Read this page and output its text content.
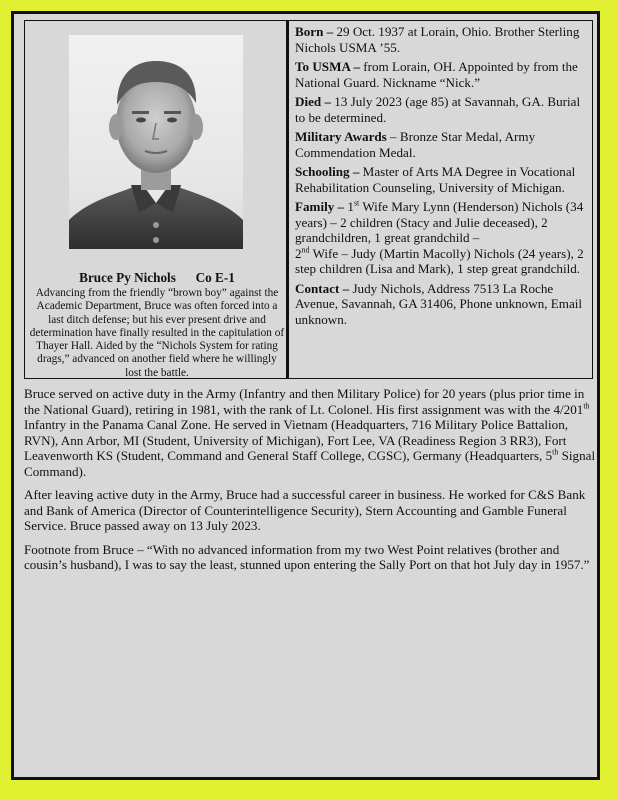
Bruce Py Nichols Co E-1
Advancing from the friendly “brown boy” against the Academic Department, Bruce was often forced into a last ditch defense; but his ever present drive and determination have finally resulted in the capitulation of Thayer Hall. Aided by the “Nichols System for rating drags,” advanced on another field where he willingly lost the battle.

Born – 29 Oct. 1937 at Lorain, Ohio. Brother Sterling Nichols USMA ’55.

To USMA – from Lorain, OH. Appointed by from the National Guard. Nickname “Nick.”

Died – 13 July 2023 (age 85) at Savannah, GA. Burial to be determined.

Military Awards – Bronze Star Medal, Army Commendation Medal.

Schooling – Master of Arts MA Degree in Vocational Rehabilitation Counseling, University of Michigan.

Family – 1st Wife Mary Lynn (Henderson) Nichols (34 years) – 2 children (Stacy and Julie deceased), 2 grandchildren, 1 great grandchild –
2nd Wife – Judy (Martin Macolly) Nichols (24 years), 2 step children (Lisa and Mark), 1 step great grandchild.

Contact – Judy Nichols, Address 7513 La Roche Avenue, Savannah, GA 31406, Phone unknown, Email unknown.

Bruce served on active duty in the Army (Infantry and then Military Police) for 20 years (plus prior time in the National Guard), retiring in 1981, with the rank of Lt. Colonel. His first assignment was with the 4/201th Infantry in the Panama Canal Zone. He served in Vietnam (Headquarters, 716 Military Police Battalion, RVN), Ann Arbor, MI (Student, University of Michigan), Fort Lee, VA (Readiness Region 3 RR3), Fort Leavenworth KS (Student, Command and General Staff College, CGSC), Germany (Headquarters, 5th Signal Command).

After leaving active duty in the Army, Bruce had a successful career in business. He worked for C&S Bank and Bank of America (Director of Counterintelligence Security), Stern Accounting and Gamble Funeral Service. Bruce passed away on 13 July 2023.

Footnote from Bruce – “With no advanced information from my two West Point relatives (brother and cousin’s husband), I was to say the least, stunned upon entering the Sally Port on that hot July day in 1957.”
